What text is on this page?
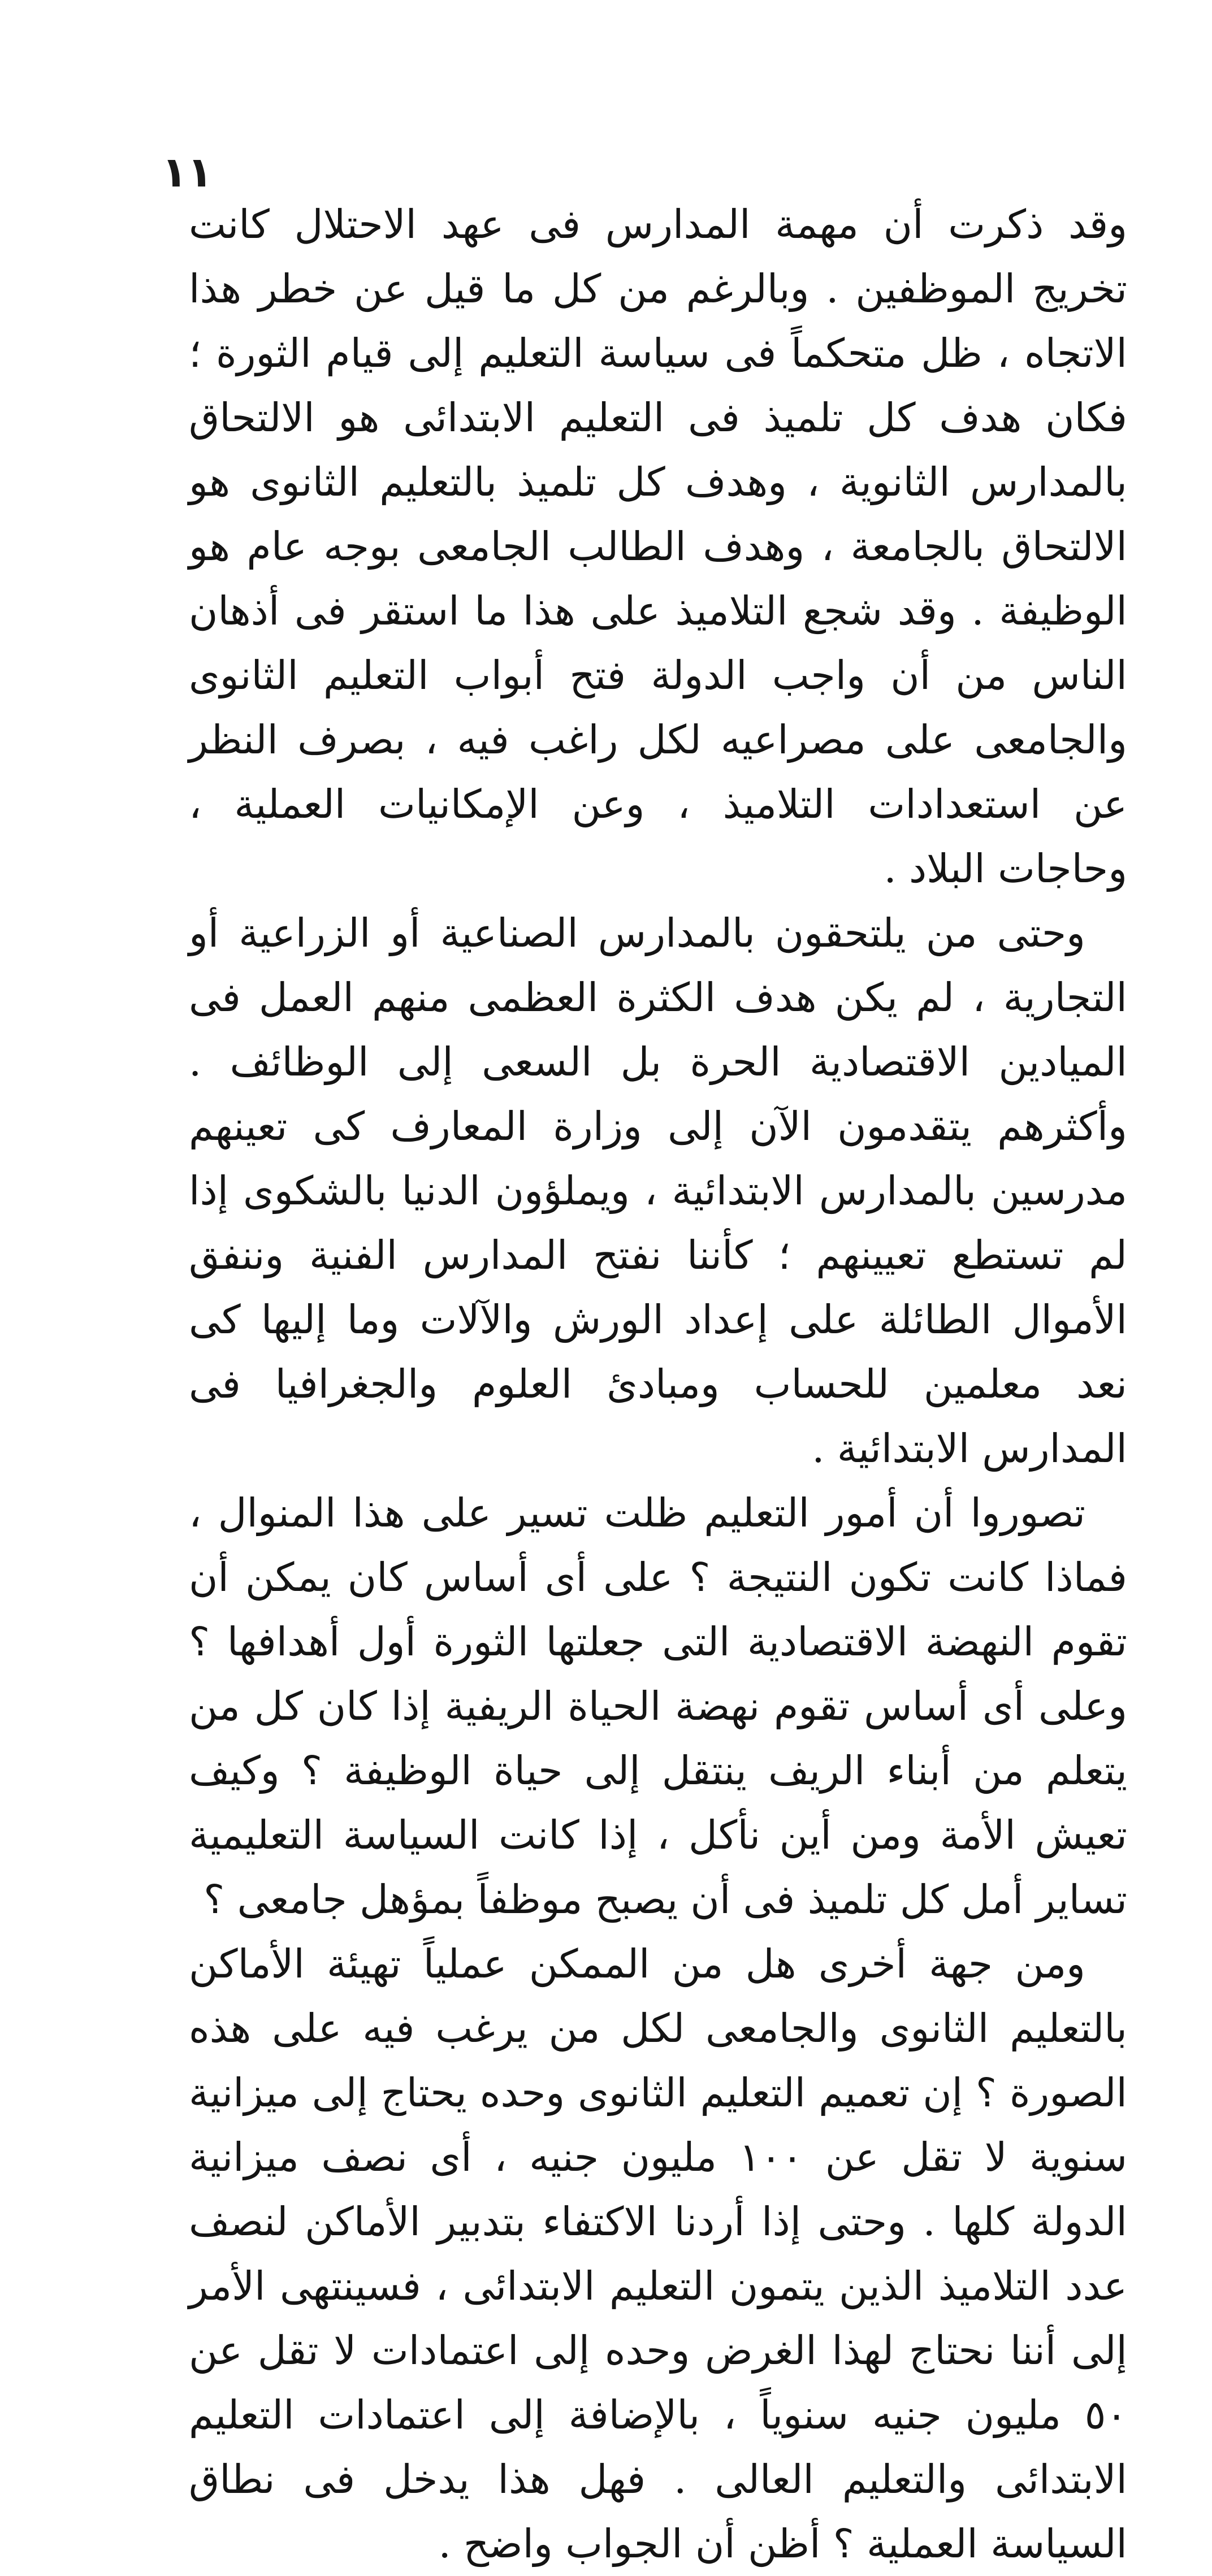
١١

وقد ذكرت أن مهمة المدارس فى عهد الاحتلال كانت تخريج الموظفين . وبالرغم من كل ما قيل عن خطر هذا الاتجاه ، ظل متحكماً فى سياسة التعليم إلى قيام الثورة ؛ فكان هدف كل تلميذ فى التعليم الابتدائى هو الالتحاق بالمدارس الثانوية ، وهدف كل تلميذ بالتعليم الثانوى هو الالتحاق بالجامعة ، وهدف الطالب الجامعى بوجه عام هو الوظيفة . وقد شجع التلاميذ على هذا ما استقر فى أذهان الناس من أن واجب الدولة فتح أبواب التعليم الثانوى والجامعى على مصراعيه لكل راغب فيه ، بصرف النظر عن استعدادات التلاميذ ، وعن الإمكانيات العملية ، وحاجات البلاد .

وحتى من يلتحقون بالمدارس الصناعية أو الزراعية أو التجارية ، لم يكن هدف الكثرة العظمى منهم العمل فى الميادين الاقتصادية الحرة بل السعى إلى الوظائف . وأكثرهم يتقدمون الآن إلى وزارة المعارف كى تعينهم مدرسين بالمدارس الابتدائية ، ويملؤون الدنيا بالشكوى إذا لم تستطع تعيينهم ؛ كأننا نفتح المدارس الفنية وننفق الأموال الطائلة على إعداد الورش والآلات وما إليها كى نعد معلمين للحساب ومبادئ العلوم والجغرافيا فى المدارس الابتدائية .

تصوروا أن أمور التعليم ظلت تسير على هذا المنوال ، فماذا كانت تكون النتيجة ؟ على أى أساس كان يمكن أن تقوم النهضة الاقتصادية التى جعلتها الثورة أول أهدافها ؟ وعلى أى أساس تقوم نهضة الحياة الريفية إذا كان كل من يتعلم من أبناء الريف ينتقل إلى حياة الوظيفة ؟ وكيف تعيش الأمة ومن أين نأكل ، إذا كانت السياسة التعليمية تساير أمل كل تلميذ فى أن يصبح موظفاً بمؤهل جامعى ؟

ومن جهة أخرى هل من الممكن عملياً تهيئة الأماكن بالتعليم الثانوى والجامعى لكل من يرغب فيه على هذه الصورة ؟ إن تعميم التعليم الثانوى وحده يحتاج إلى ميزانية سنوية لا تقل عن ١٠٠ مليون جنيه ، أى نصف ميزانية الدولة كلها . وحتى إذا أردنا الاكتفاء بتدبير الأماكن لنصف عدد التلاميذ الذين يتمون التعليم الابتدائى ، فسينتهى الأمر إلى أننا نحتاج لهذا الغرض وحده إلى اعتمادات لا تقل عن ٥٠ مليون جنيه سنوياً ، بالإضافة إلى اعتمادات التعليم الابتدائى والتعليم العالى . فهل هذا يدخل فى نطاق السياسة العملية ؟ أظن أن الجواب واضح .
